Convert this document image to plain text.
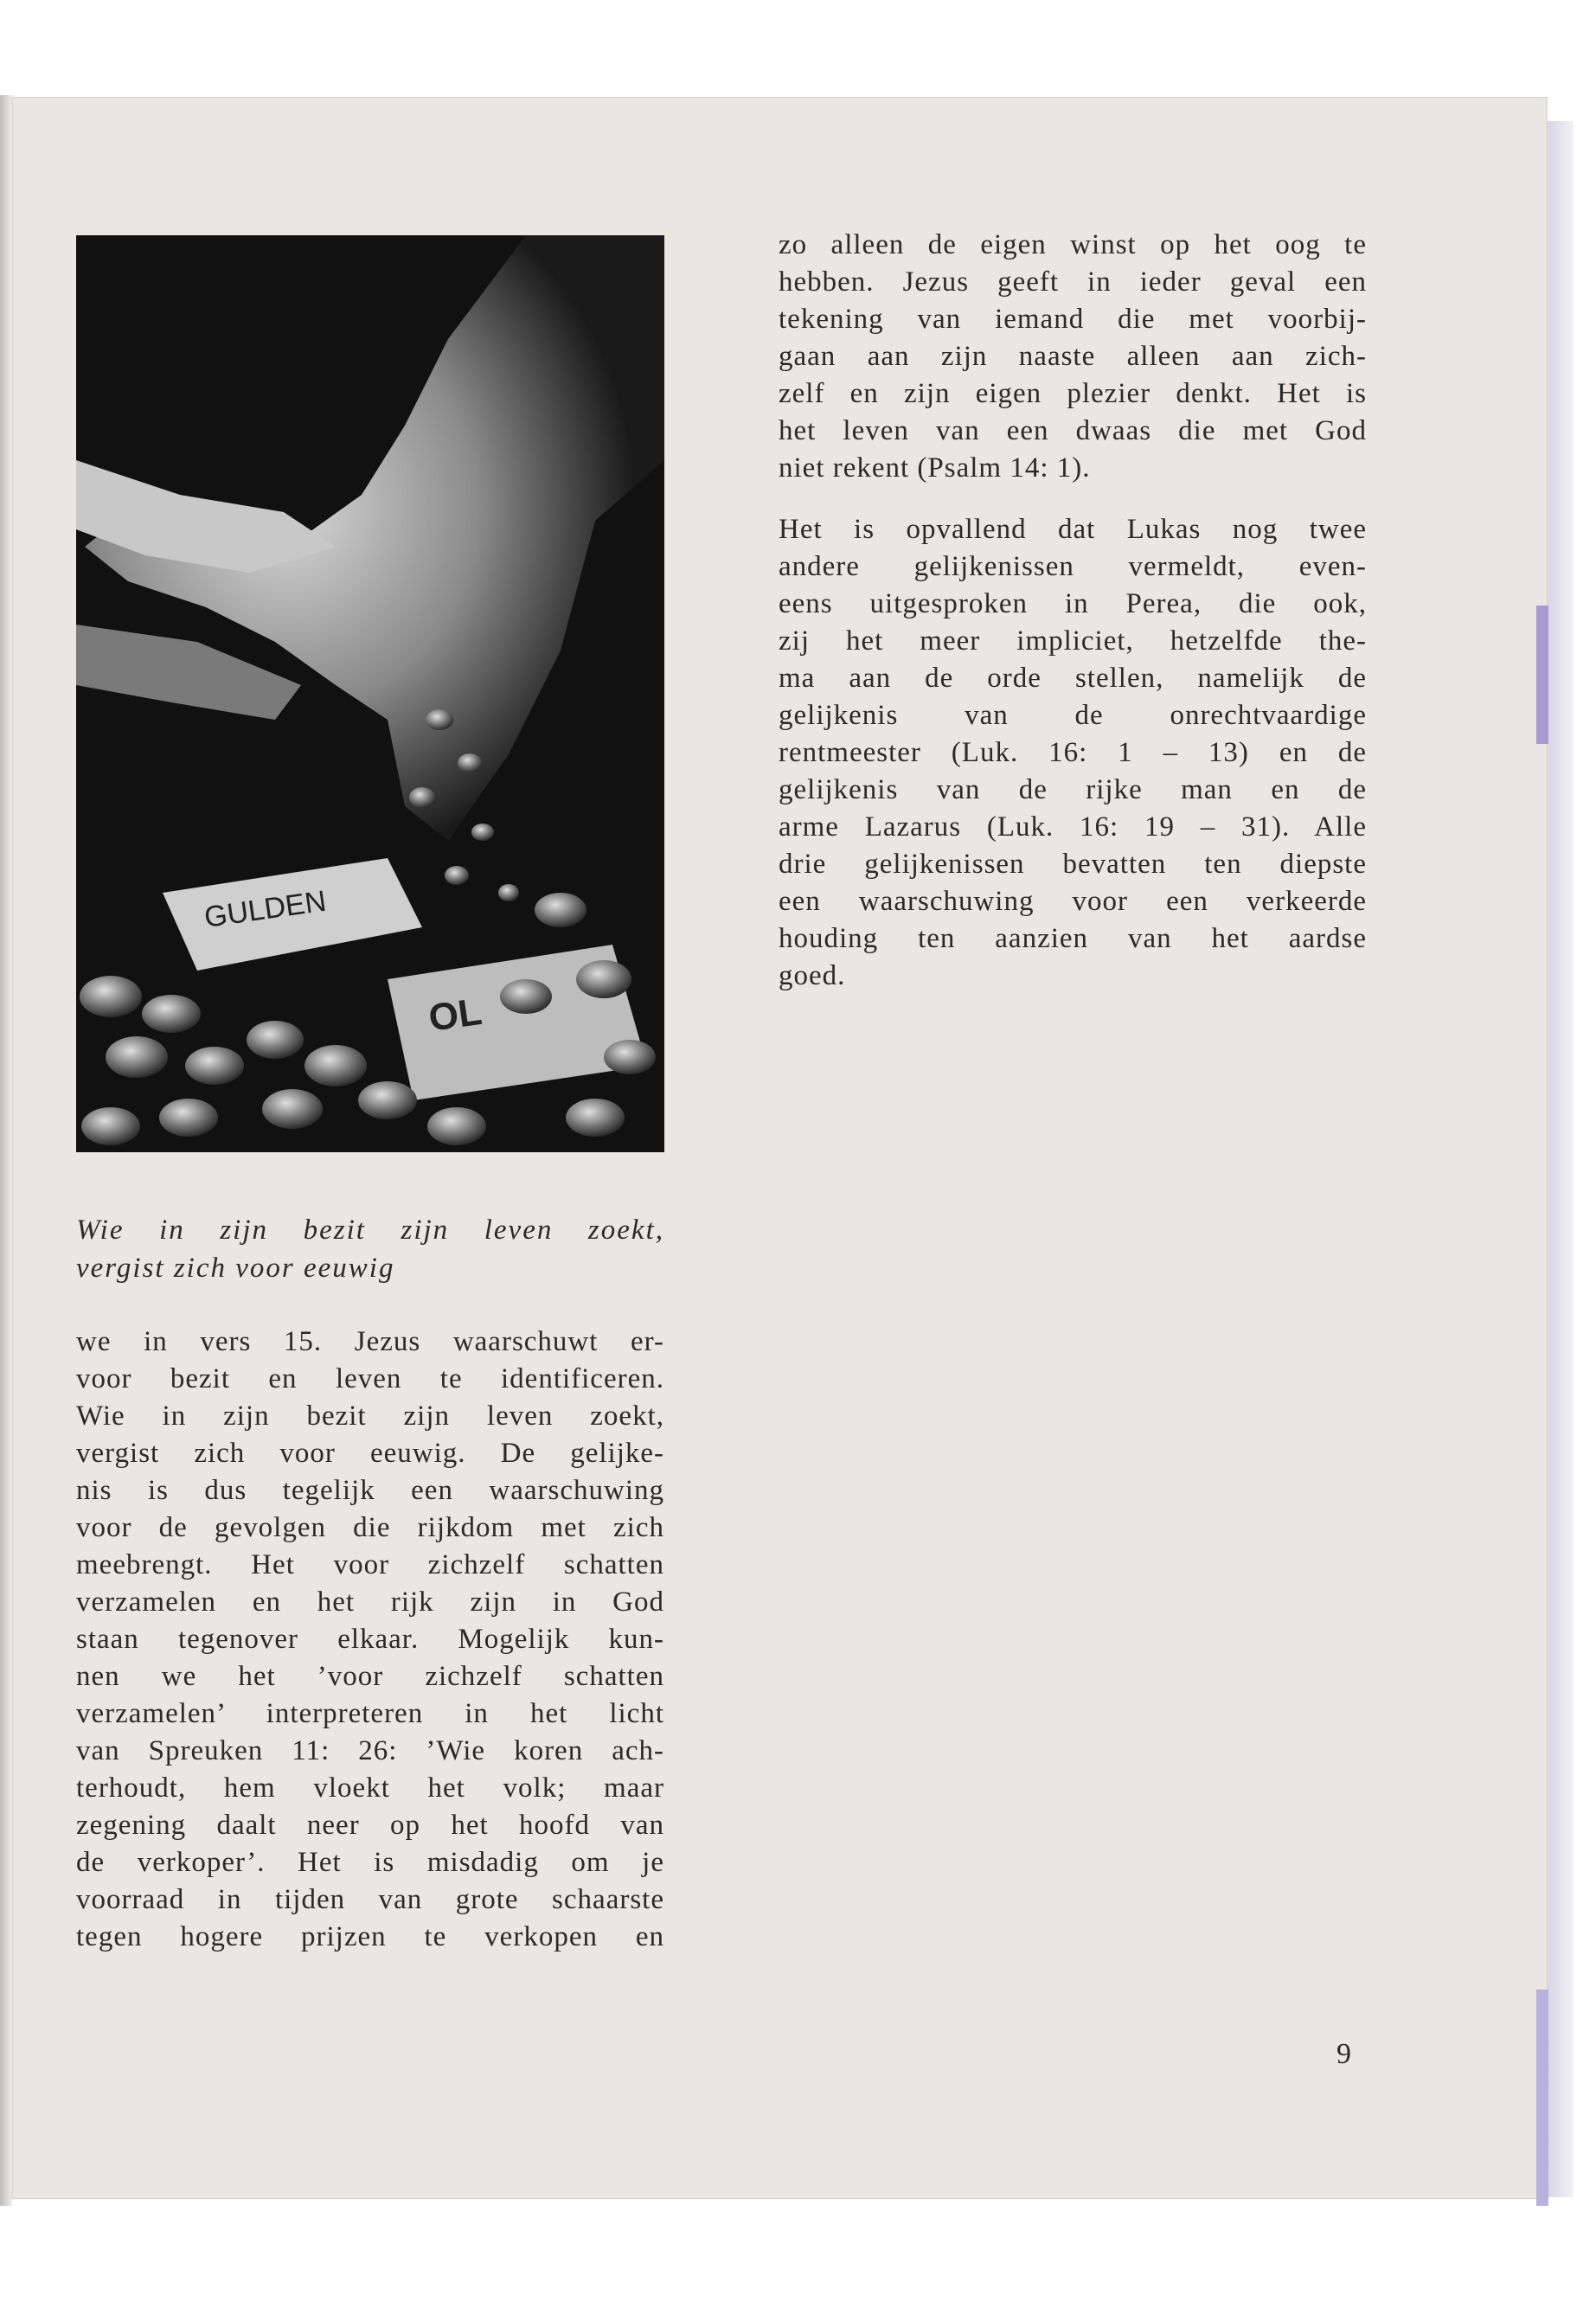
GULDEN
OL
Wie in zijn bezit zijn leven zoekt,
vergist zich voor eeuwig

we in vers 15. Jezus waarschuwt er-
voor bezit en leven te identificeren.
Wie in zijn bezit zijn leven zoekt,
vergist zich voor eeuwig. De gelijke-
nis is dus tegelijk een waarschuwing
voor de gevolgen die rijkdom met zich
meebrengt. Het voor zichzelf schatten
verzamelen en het rijk zijn in God
staan tegenover elkaar. Mogelijk kun-
nen we het ’voor zichzelf schatten
verzamelen’ interpreteren in het licht
van Spreuken 11: 26: ’Wie koren ach-
terhoudt, hem vloekt het volk; maar
zegening daalt neer op het hoofd van
de verkoper’. Het is misdadig om je
voorraad in tijden van grote schaarste
tegen hogere prijzen te verkopen en

zo alleen de eigen winst op het oog te
hebben. Jezus geeft in ieder geval een
tekening van iemand die met voorbij-
gaan aan zijn naaste alleen aan zich-
zelf en zijn eigen plezier denkt. Het is
het leven van een dwaas die met God
niet rekent (Psalm 14: 1).

Het is opvallend dat Lukas nog twee
andere gelijkenissen vermeldt, even-
eens uitgesproken in Perea, die ook,
zij het meer impliciet, hetzelfde the-
ma aan de orde stellen, namelijk de
gelijkenis van de onrechtvaardige
rentmeester (Luk. 16: 1 – 13) en de
gelijkenis van de rijke man en de
arme Lazarus (Luk. 16: 19 – 31). Alle
drie gelijkenissen bevatten ten diepste
een waarschuwing voor een verkeerde
houding ten aanzien van het aardse
goed.

9
